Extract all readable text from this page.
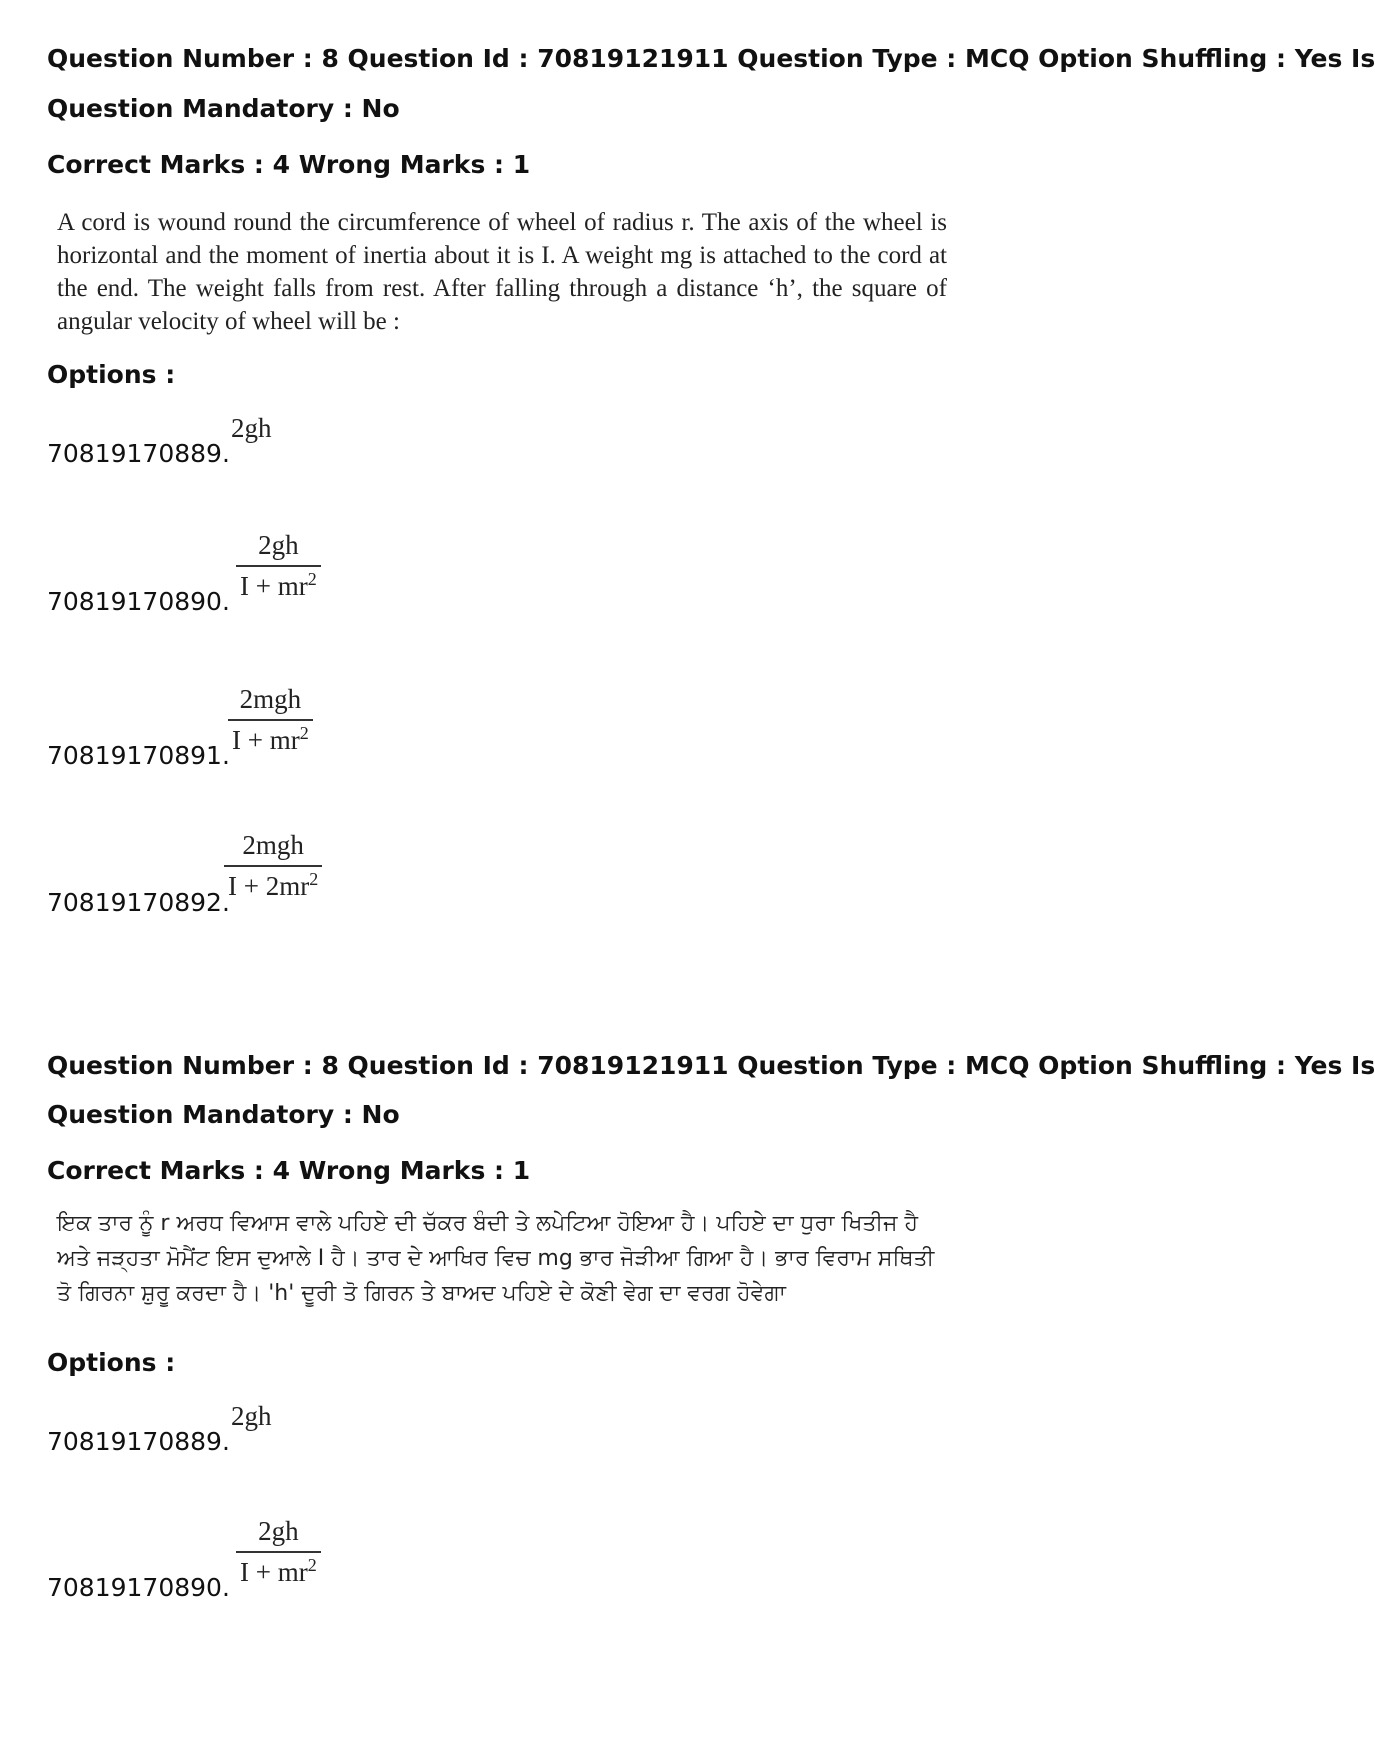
Question Number : 8 Question Id : 70819121911 Question Type : MCQ Option Shuffling : Yes Is
Question Mandatory : No
Correct Marks : 4 Wrong Marks : 1
A cord is wound round the circumference of wheel of radius r. The axis of the wheel is horizontal and the moment of inertia about it is I. A weight mg is attached to the cord at the end. The weight falls from rest. After falling through a distance ‘h’, the square of angular velocity of wheel will be :
Options :
70819170889.
2gh
70819170890. $\frac{2gh}{I + mr^2}$
70819170891.
$\frac{\text{2mgh}}{I + mr^2}$
70819170892.
$\frac{\text{2mgh}}{I + 2mr^2}$
Question Number : 8 Question Id : 70819121911 Question Type : MCQ Option Shuffling : Yes Is
Question Mandatory : No
Correct Marks : 4 Wrong Marks : 1
ਇਕ ਤਾਰ ਨੂੰ r ਅਰਧ ਵਿਆਸ ਵਾਲੇ ਪਹਿਏ ਦੀ ਚੱਕਰ ਬੰਦੀ ਤੇ ਲਪੇਟਿਆ ਹੋਇਆ ਹੈ। ਪਹਿਏ ਦਾ ਧੁਰਾ ਖਿਤੀਜ ਹੈ ਅਤੇ ਜੜ੍ਹਤਾ ਮੋਮੈਂਟ ਇਸ ਦੁਆਲੇ I ਹੈ। ਤਾਰ ਦੇ ਆਖਿਰ ਵਿਚ mg ਭਾਰ ਜੋੜੀਆ ਗਿਆ ਹੈ। ਭਾਰ ਵਿਰਾਮ ਸਥਿਤੀ ਤੋ ਗਿਰਨਾ ਸ਼ੁਰੂ ਕਰਦਾ ਹੈ। 'h' ਦੂਰੀ ਤੋ ਗਿਰਨ ਤੇ ਬਾਅਦ ਪਹਿਏ ਦੇ ਕੋਣੀ ਵੇਗ ਦਾ ਵਰਗ ਹੋਵੇਗਾ
Options :
70819170889.
2gh
70819170890. $\frac{2gh}{I + mr^2}$
